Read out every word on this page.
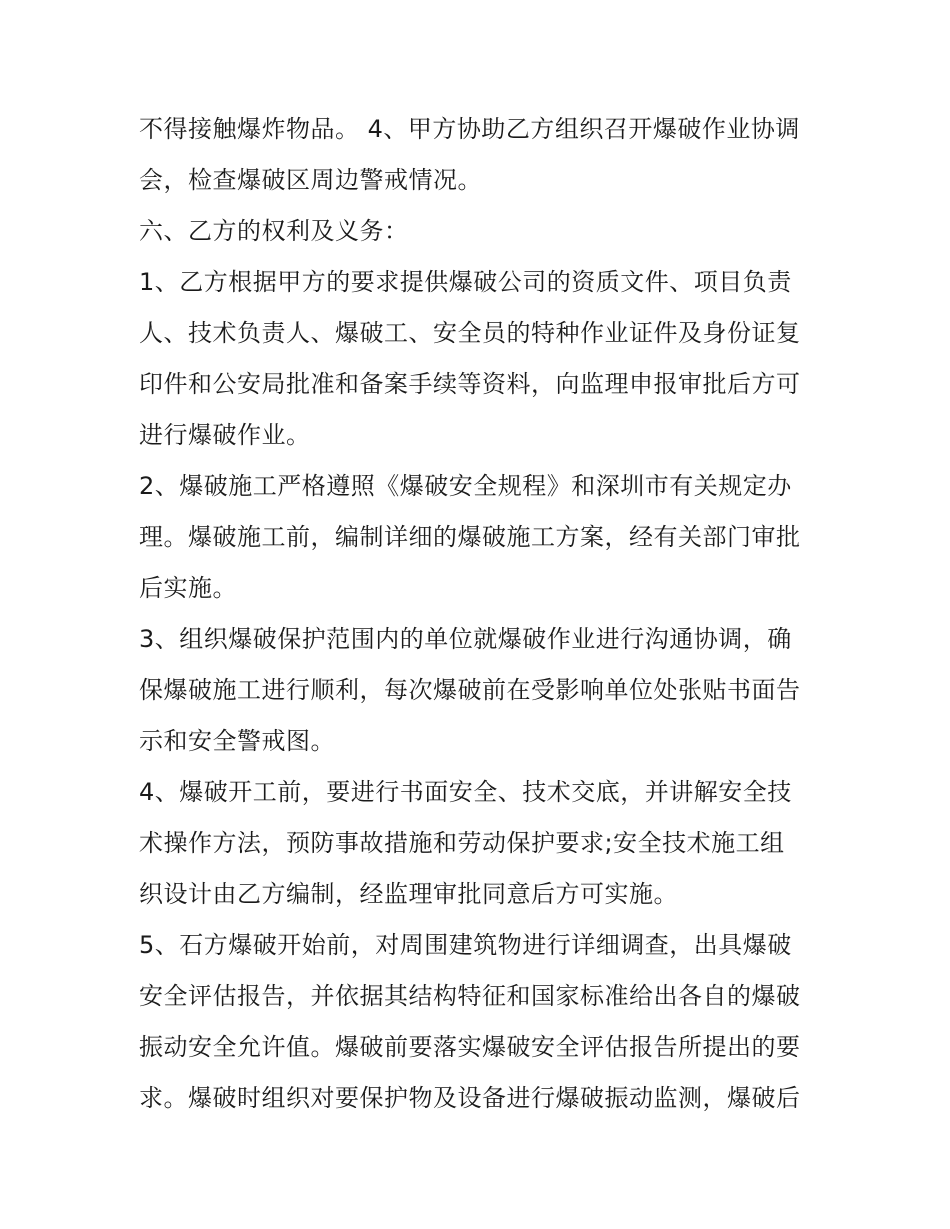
不得接触爆炸物品。 4、甲方协助乙方组织召开爆破作业协调
会，检查爆破区周边警戒情况。
六、乙方的权利及义务：
1、乙方根据甲方的要求提供爆破公司的资质文件、项目负责
人、技术负责人、爆破工、安全员的特种作业证件及身份证复
印件和公安局批准和备案手续等资料，向监理申报审批后方可
进行爆破作业。
2、爆破施工严格遵照《爆破安全规程》和深圳市有关规定办
理。爆破施工前，编制详细的爆破施工方案，经有关部门审批
后实施。
3、组织爆破保护范围内的单位就爆破作业进行沟通协调，确
保爆破施工进行顺利，每次爆破前在受影响单位处张贴书面告
示和安全警戒图。
4、爆破开工前，要进行书面安全、技术交底，并讲解安全技
术操作方法，预防事故措施和劳动保护要求;安全技术施工组
织设计由乙方编制，经监理审批同意后方可实施。
5、石方爆破开始前，对周围建筑物进行详细调查，出具爆破
安全评估报告，并依据其结构特征和国家标准给出各自的爆破
振动安全允许值。爆破前要落实爆破安全评估报告所提出的要
求。爆破时组织对要保护物及设备进行爆破振动监测，爆破后
